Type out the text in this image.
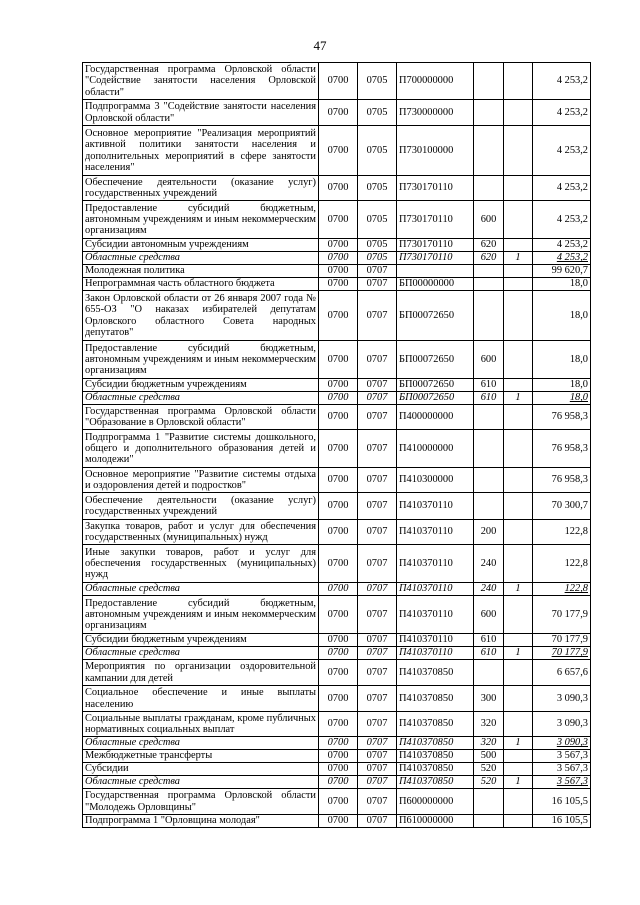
47
Государственная программа Орловской области "Содействие занятости населения Орловской области"	0700	0705	П700000000			4 253,2
Подпрограмма 3 "Содействие занятости населения Орловской области"	0700	0705	П730000000			4 253,2
Основное мероприятие "Реализация мероприятий активной политики занятости населения и дополнительных мероприятий в сфере занятости населения"	0700	0705	П730100000			4 253,2
Обеспечение деятельности (оказание услуг) государственных учреждений	0700	0705	П730170110			4 253,2
Предоставление субсидий бюджетным, автономным учреждениям и иным некоммерческим организациям	0700	0705	П730170110	600		4 253,2
Субсидии автономным учреждениям	0700	0705	П730170110	620		4 253,2
Областные средства	0700	0705	П730170110	620	1	4 253,2
Молодежная политика	0700	0707				99 620,7
Непрограммная часть областного бюджета	0700	0707	БП00000000			18,0
Закон Орловской области от 26 января 2007 года № 655-ОЗ "О наказах избирателей депутатам Орловского областного Совета народных депутатов"	0700	0707	БП00072650			18,0
Предоставление субсидий бюджетным, автономным учреждениям и иным некоммерческим организациям	0700	0707	БП00072650	600		18,0
Субсидии бюджетным учреждениям	0700	0707	БП00072650	610		18,0
Областные средства	0700	0707	БП00072650	610	1	18,0
Государственная программа Орловской области "Образование в Орловской области"	0700	0707	П400000000			76 958,3
Подпрограмма 1 "Развитие системы дошкольного, общего и дополнительного образования детей и молодежи"	0700	0707	П410000000			76 958,3
Основное мероприятие "Развитие системы отдыха и оздоровления детей и подростков"	0700	0707	П410300000			76 958,3
Обеспечение деятельности (оказание услуг) государственных учреждений	0700	0707	П410370110			70 300,7
Закупка товаров, работ и услуг для обеспечения государственных (муниципальных) нужд	0700	0707	П410370110	200		122,8
Иные закупки товаров, работ и услуг для обеспечения государственных (муниципальных) нужд	0700	0707	П410370110	240		122,8
Областные средства	0700	0707	П410370110	240	1	122,8
Предоставление субсидий бюджетным, автономным учреждениям и иным некоммерческим организациям	0700	0707	П410370110	600		70 177,9
Субсидии бюджетным учреждениям	0700	0707	П410370110	610		70 177,9
Областные средства	0700	0707	П410370110	610	1	70 177,9
Мероприятия по организации оздоровительной кампании для детей	0700	0707	П410370850			6 657,6
Социальное обеспечение и иные выплаты населению	0700	0707	П410370850	300		3 090,3
Социальные выплаты гражданам, кроме публичных нормативных социальных выплат	0700	0707	П410370850	320		3 090,3
Областные средства	0700	0707	П410370850	320	1	3 090,3
Межбюджетные трансферты	0700	0707	П410370850	500		3 567,3
Субсидии	0700	0707	П410370850	520		3 567,3
Областные средства	0700	0707	П410370850	520	1	3 567,3
Государственная программа Орловской области "Молодежь Орловщины"	0700	0707	П600000000			16 105,5
Подпрограмма 1 "Орловщина молодая"	0700	0707	П610000000			16 105,5
